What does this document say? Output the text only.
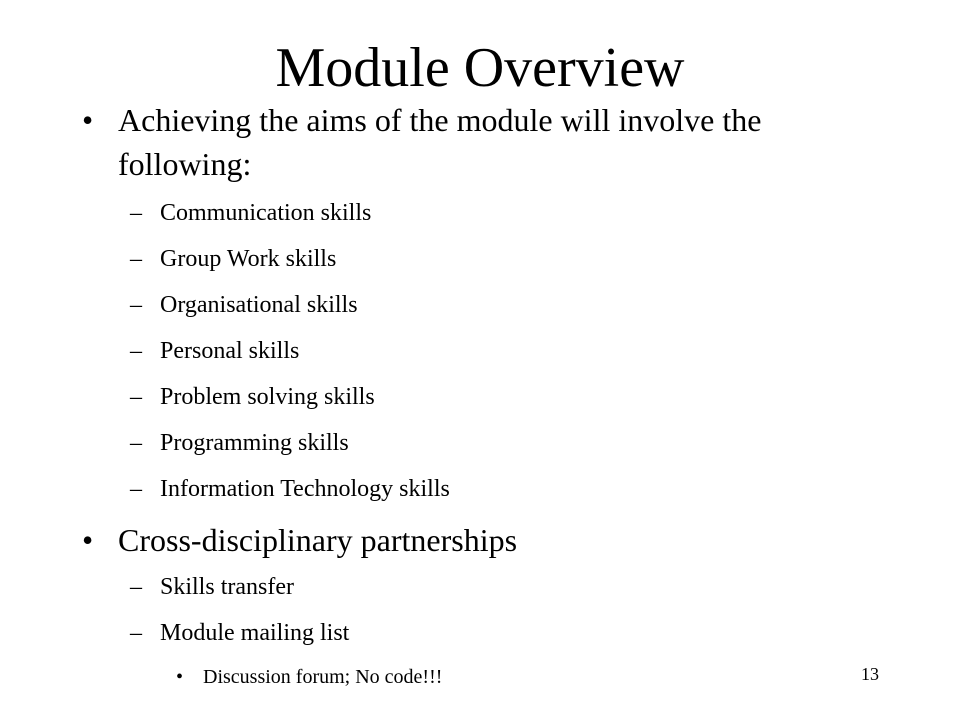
Module Overview
• Achieving the aims of the module will involve the
following:
– Communication skills
– Group Work skills
– Organisational skills
– Personal skills
– Problem solving skills
– Programming skills
– Information Technology skills
• Cross-disciplinary partnerships
– Skills transfer
– Module mailing list
• Discussion forum; No code!!!	13
